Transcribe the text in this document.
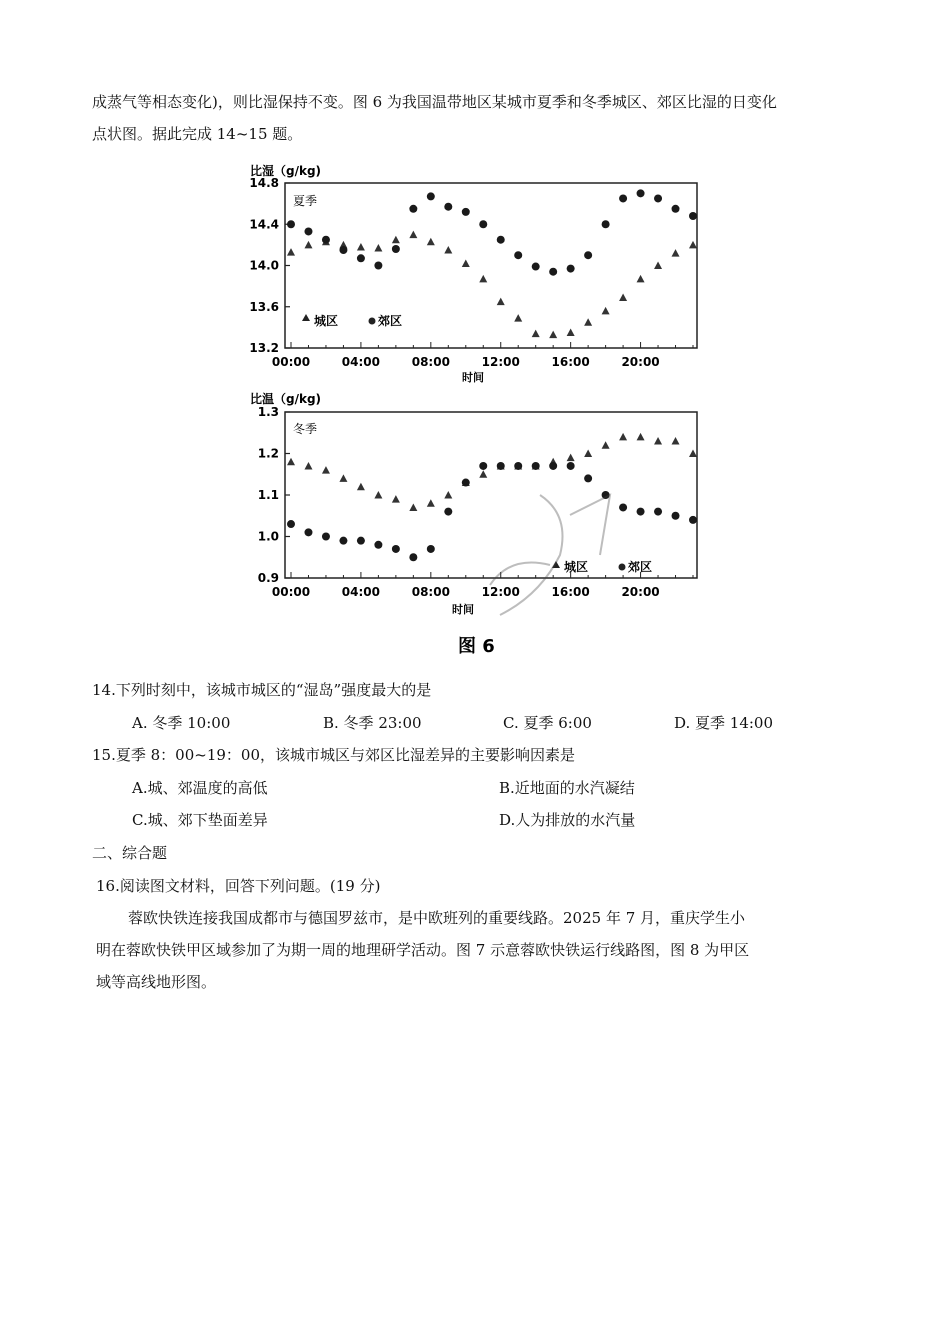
成蒸气等相态变化)，则比湿保持不变。图 6 为我国温带地区某城市夏季和冬季城区、郊区比湿的日变化
点状图。据此完成 14~15 题。
比湿（g/kg)
夏季
14.8
14.4
14.0
13.6
13.2
00:00	04:00	08:00	12:00	16:00	20:00
城区	郊区
时间
比温（g/kg)
冬季
1.3
1.2
1.1
1.0
0.9
00:00	04:00	08:00	12:00	16:00	20:00
城区	郊区
时间
图 6
14.下列时刻中，该城市城区的“湿岛”强度最大的是
A. 冬季 10:00	B. 冬季 23:00	C. 夏季 6:00	D. 夏季 14:00
15.夏季 8：00~19：00，该城市城区与郊区比湿差异的主要影响因素是
A.城、郊温度的高低	B.近地面的水汽凝结
C.城、郊下垫面差异	D.人为排放的水汽量
二、综合题
16.阅读图文材料，回答下列问题。(19 分)
蓉欧快铁连接我国成都市与德国罗兹市，是中欧班列的重要线路。2025 年 7 月，重庆学生小
明在蓉欧快铁甲区域参加了为期一周的地理研学活动。图 7 示意蓉欧快铁运行线路图，图 8 为甲区
域等高线地形图。
